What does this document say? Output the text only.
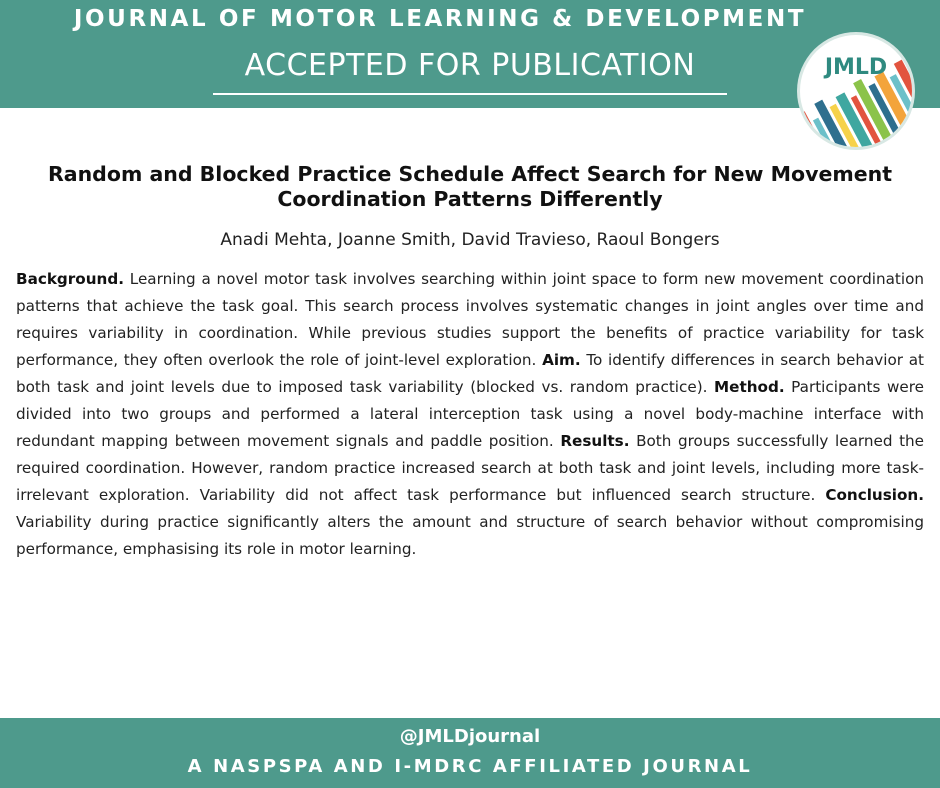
JOURNAL OF MOTOR LEARNING & DEVELOPMENT
ACCEPTED FOR PUBLICATION	JMLD
Random and Blocked Practice Schedule Affect Search for New Movement Coordination Patterns Differently
Anadi Mehta, Joanne Smith, David Travieso, Raoul Bongers

Background. Learning a novel motor task involves searching within joint space to form new movement coordination patterns that achieve the task goal. This search process involves systematic changes in joint angles over time and requires variability in coordination. While previous studies support the benefits of practice variability for task performance, they often overlook the role of joint-level exploration. Aim. To identify differences in search behavior at both task and joint levels due to imposed task variability (blocked vs. random practice). Method. Participants were divided into two groups and performed a lateral interception task using a novel body-machine interface with redundant mapping between movement signals and paddle position. Results. Both groups successfully learned the required coordination. However, random practice increased search at both task and joint levels, including more task-irrelevant exploration. Variability did not affect task performance but influenced search structure. Conclusion. Variability during practice significantly alters the amount and structure of search behavior without compromising performance, emphasising its role in motor learning.

@JMLDjournal
A NASPSPA AND I-MDRC AFFILIATED JOURNAL
